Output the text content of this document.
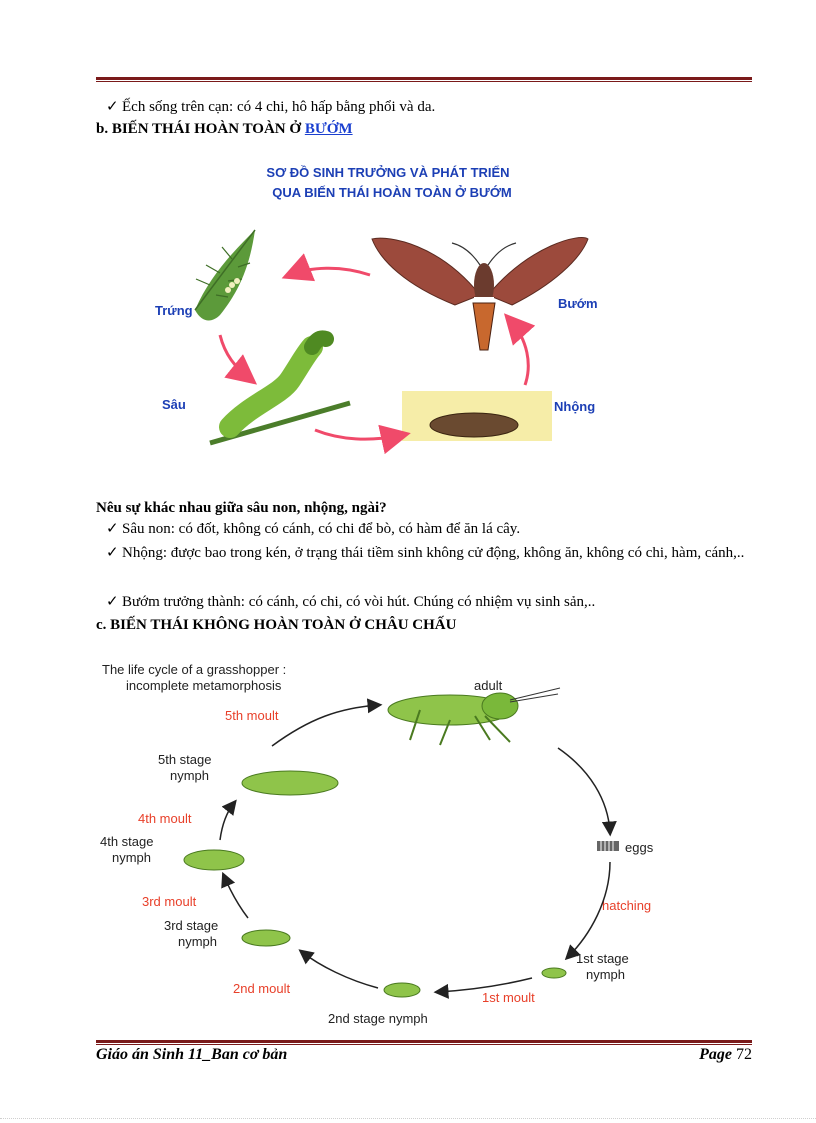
✓ Ếch sống trên cạn: có 4 chi, hô hấp bằng phổi và da.
b. BIẾN THÁI HOÀN TOÀN Ở BƯỚM
SƠ ĐỒ SINH TRƯỞNG VÀ PHÁT TRIỂN
QUA BIẾN THÁI HOÀN TOÀN Ở BƯỚM
Trứng	Bướm
Sâu	Nhộng
Nêu sự khác nhau giữa sâu non, nhộng, ngài?
✓ Sâu non: có đốt, không có cánh, có chi để bò, có hàm để ăn lá cây.
✓ Nhộng: được bao trong kén, ở trạng thái tiềm sinh không cử động, không ăn, không có chi, hàm, cánh,..
✓ Bướm trưởng thành: có cánh, có chi, có vòi hút. Chúng có nhiệm vụ sinh sản,..
c. BIẾN THÁI KHÔNG HOÀN TOÀN Ở CHÂU CHẤU
The life cycle of a grasshopper :
incomplete metamorphosis	adult
eggs
hatching
1st stage
nymph
1st moult
2nd stage nymph
2nd moult
3rd stage
nymph
3rd moult
4th stage
nymph
4th moult
5th stage
nymph
5th moult
Giáo án Sinh 11_Ban cơ bản	Page 72
